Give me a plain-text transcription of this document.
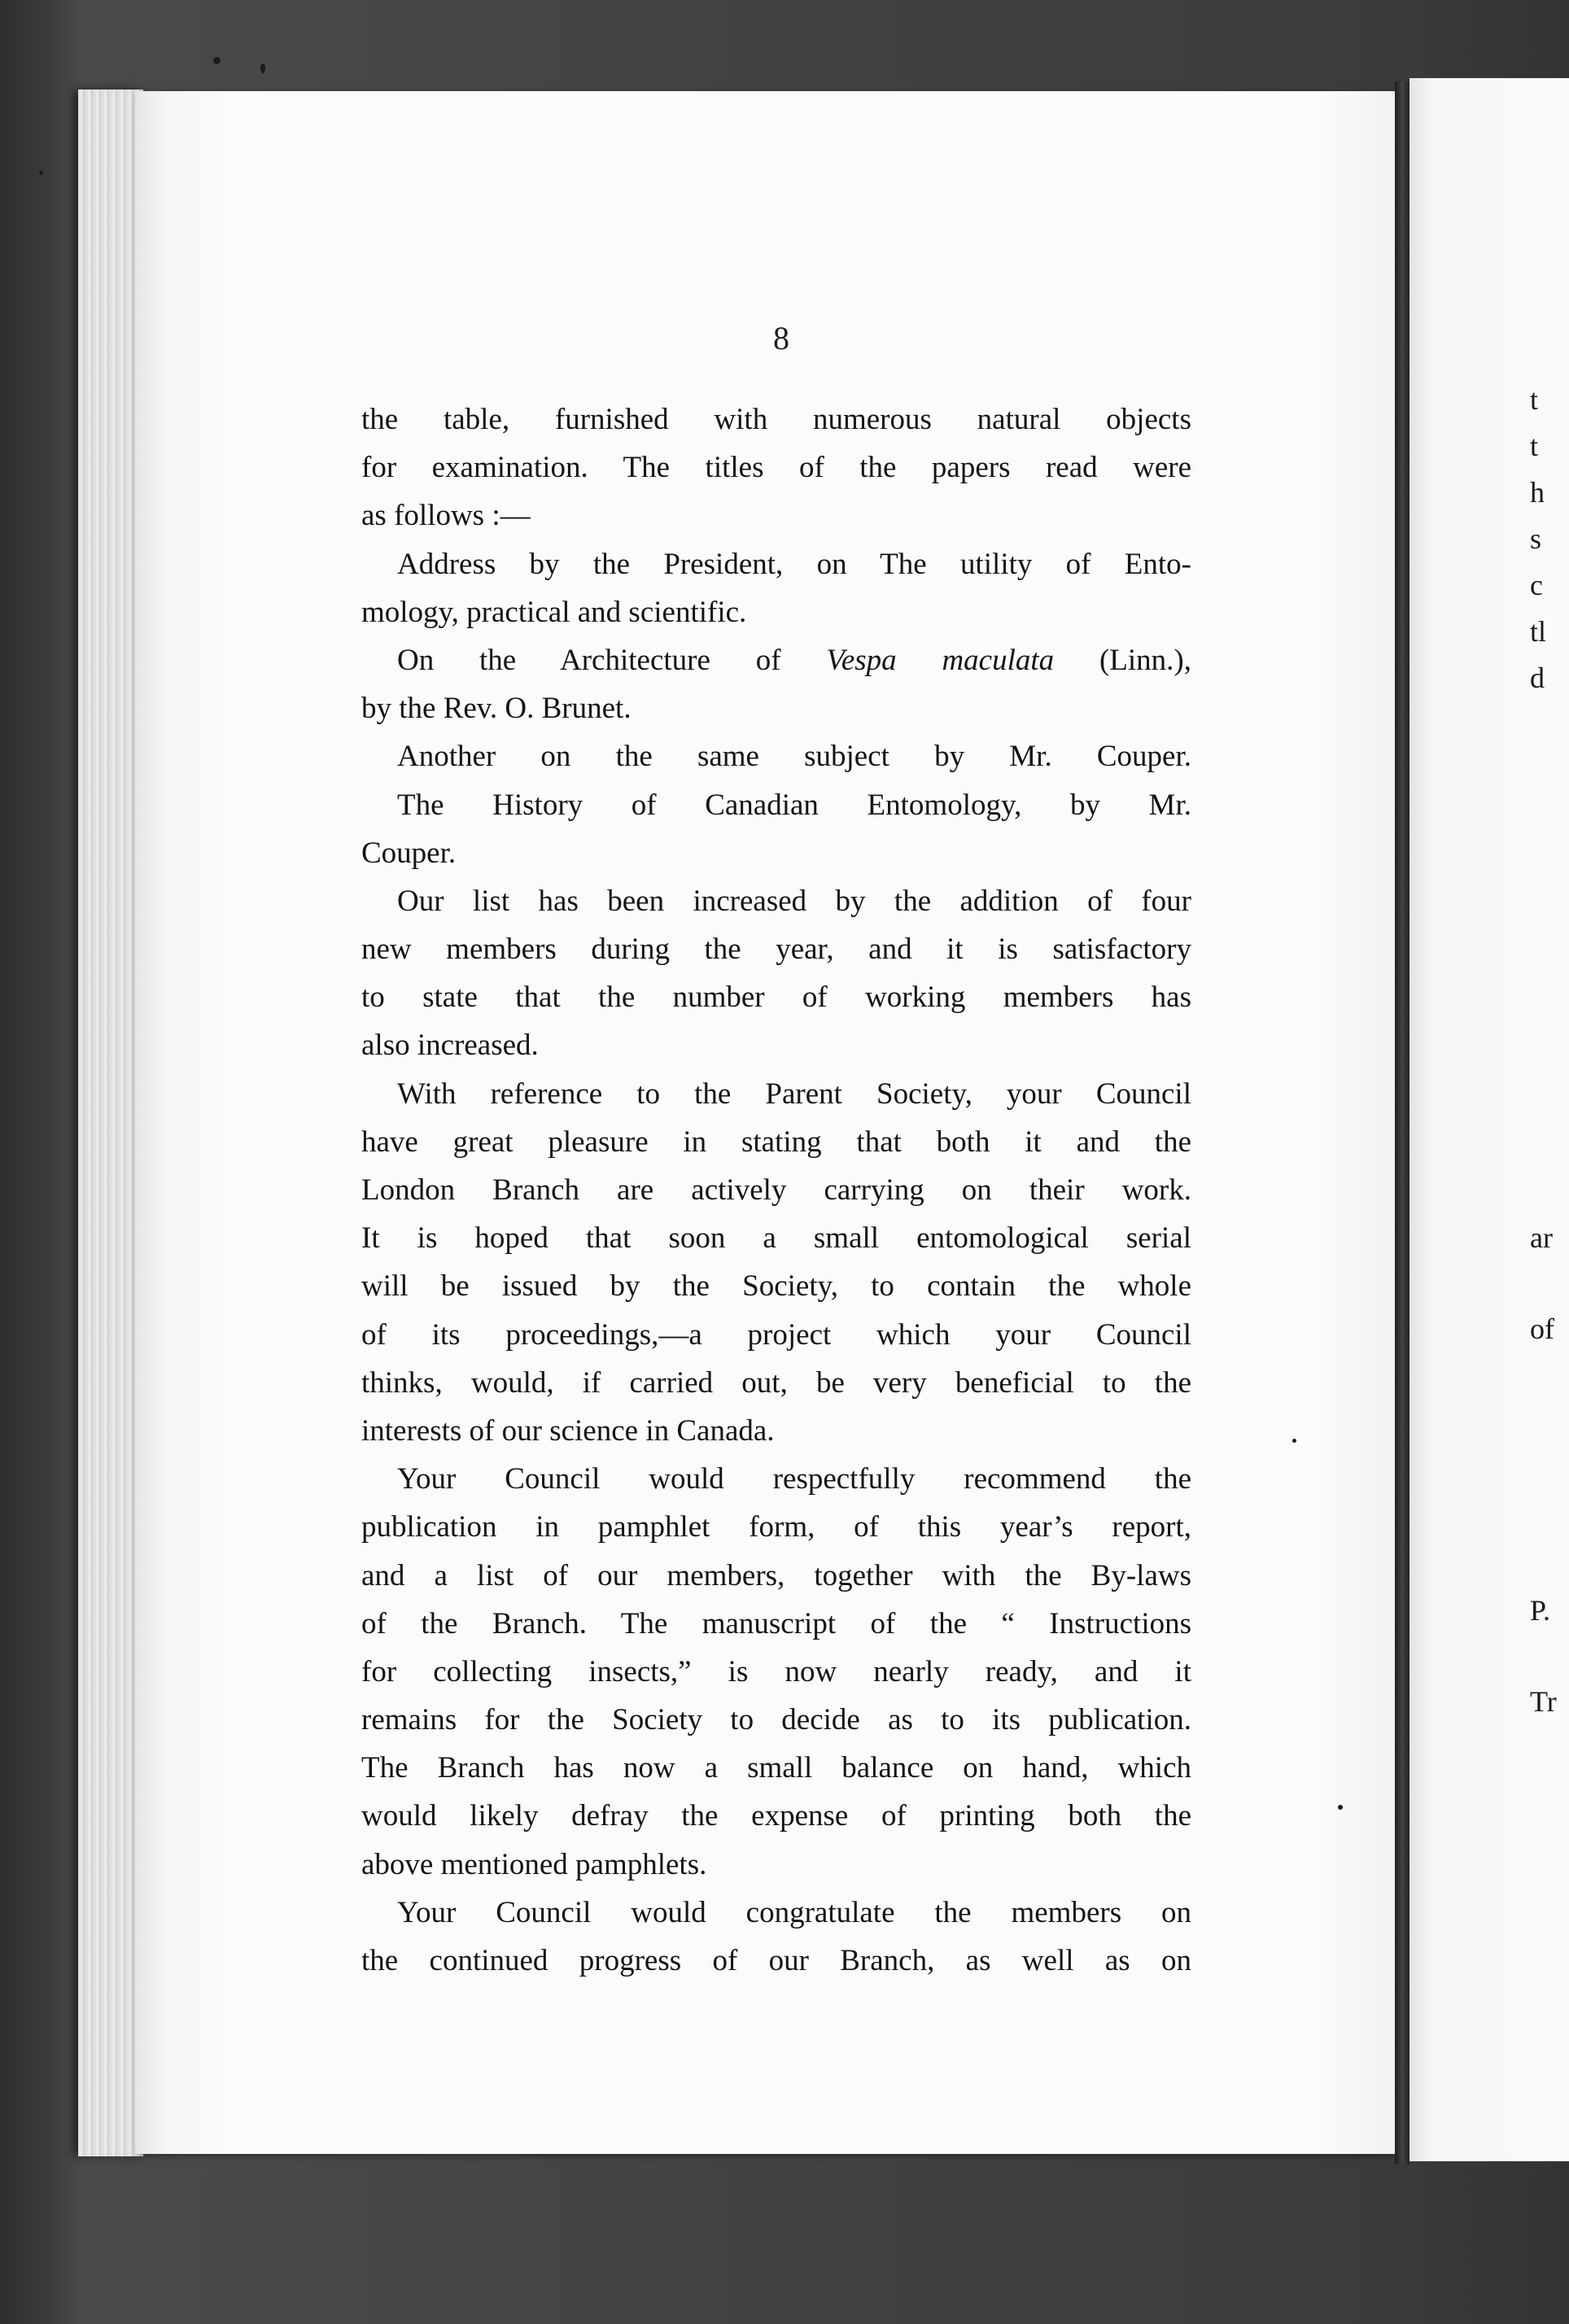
8
the table, furnished with numerous natural objects
for examination. The titles of the papers read were
as follows :—
Address by the President, on The utility of Ento-
mology, practical and scientific.
On the Architecture of Vespa maculata (Linn.),
by the Rev. O. Brunet.
Another on the same subject by Mr. Couper.
The History of Canadian Entomology, by Mr.
Couper.
Our list has been increased by the addition of four
new members during the year, and it is satisfactory
to state that the number of working members has
also increased.
With reference to the Parent Society, your Council
have great pleasure in stating that both it and the
London Branch are actively carrying on their work.
It is hoped that soon a small entomological serial
will be issued by the Society, to contain the whole
of its proceedings,—a project which your Council
thinks, would, if carried out, be very beneficial to the
interests of our science in Canada.
Your Council would respectfully recommend the
publication in pamphlet form, of this year’s report,
and a list of our members, together with the By-laws
of the Branch. The manuscript of the “ Instructions
for collecting insects,” is now nearly ready, and it
remains for the Society to decide as to its publication.
The Branch has now a small balance on hand, which
would likely defray the expense of printing both the
above mentioned pamphlets.
Your Council would congratulate the members on
the continued progress of our Branch, as well as on
t
t
h
s
c
tl
d
ar
of
P.
Tr
